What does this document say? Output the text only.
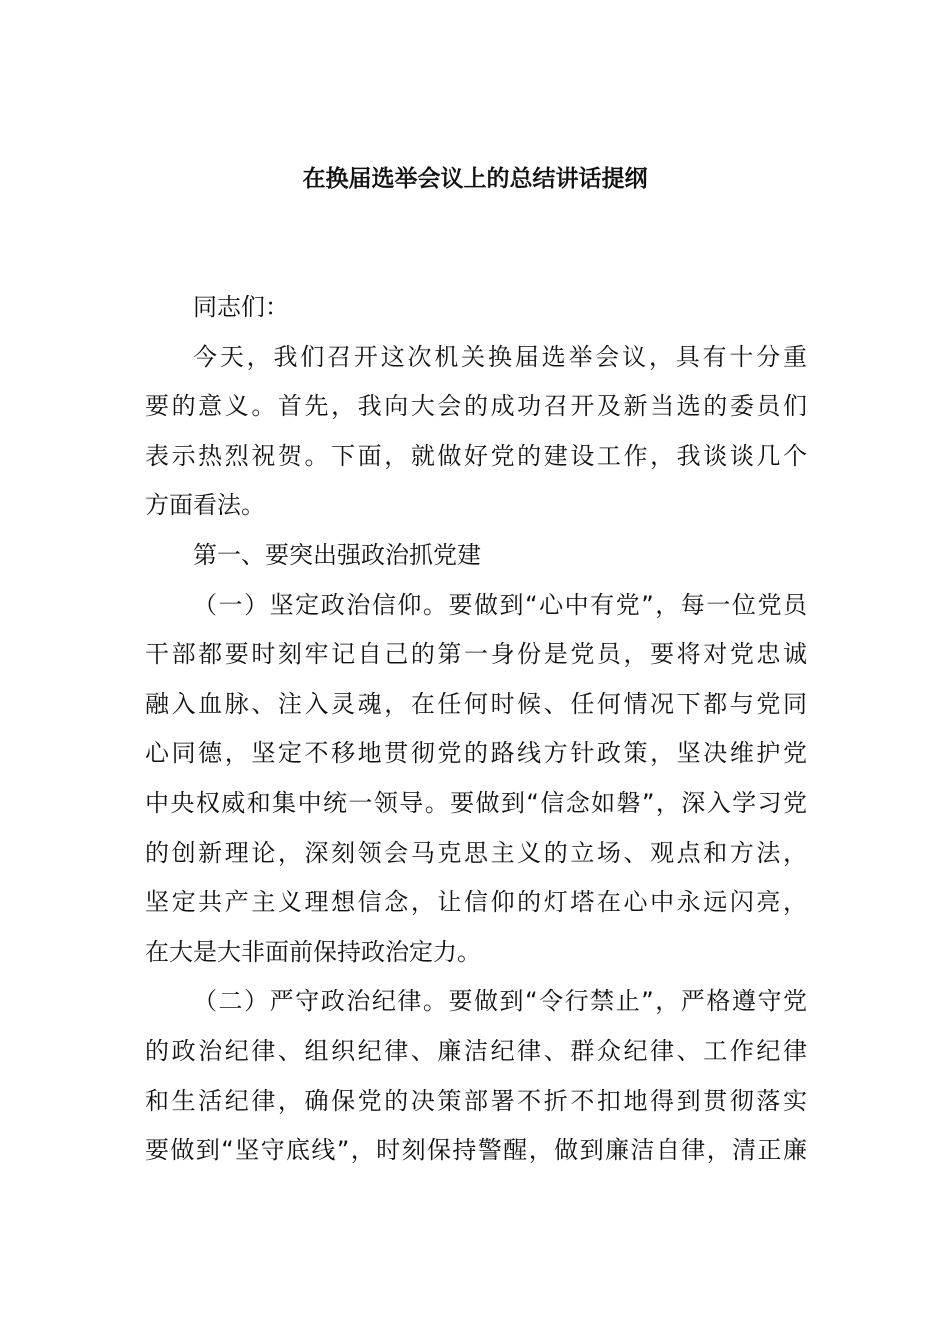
在换届选举会议上的总结讲话提纲
同志们：
今天，我们召开这次机关换届选举会议，具有十分重
要的意义。首先，我向大会的成功召开及新当选的委员们
表示热烈祝贺。下面，就做好党的建设工作，我谈谈几个
方面看法。
第一、要突出强政治抓党建
（一）坚定政治信仰。要做到“心中有党”，每一位党员
干部都要时刻牢记自己的第一身份是党员，要将对党忠诚
融入血脉、注入灵魂，在任何时候、任何情况下都与党同
心同德，坚定不移地贯彻党的路线方针政策，坚决维护党
中央权威和集中统一领导。要做到“信念如磐”，深入学习党
的创新理论，深刻领会马克思主义的立场、观点和方法，
坚定共产主义理想信念，让信仰的灯塔在心中永远闪亮，
在大是大非面前保持政治定力。
（二）严守政治纪律。要做到“令行禁止”，严格遵守党
的政治纪律、组织纪律、廉洁纪律、群众纪律、工作纪律
和生活纪律，确保党的决策部署不折不扣地得到贯彻落实
要做到“坚守底线”，时刻保持警醒，做到廉洁自律，清正廉
